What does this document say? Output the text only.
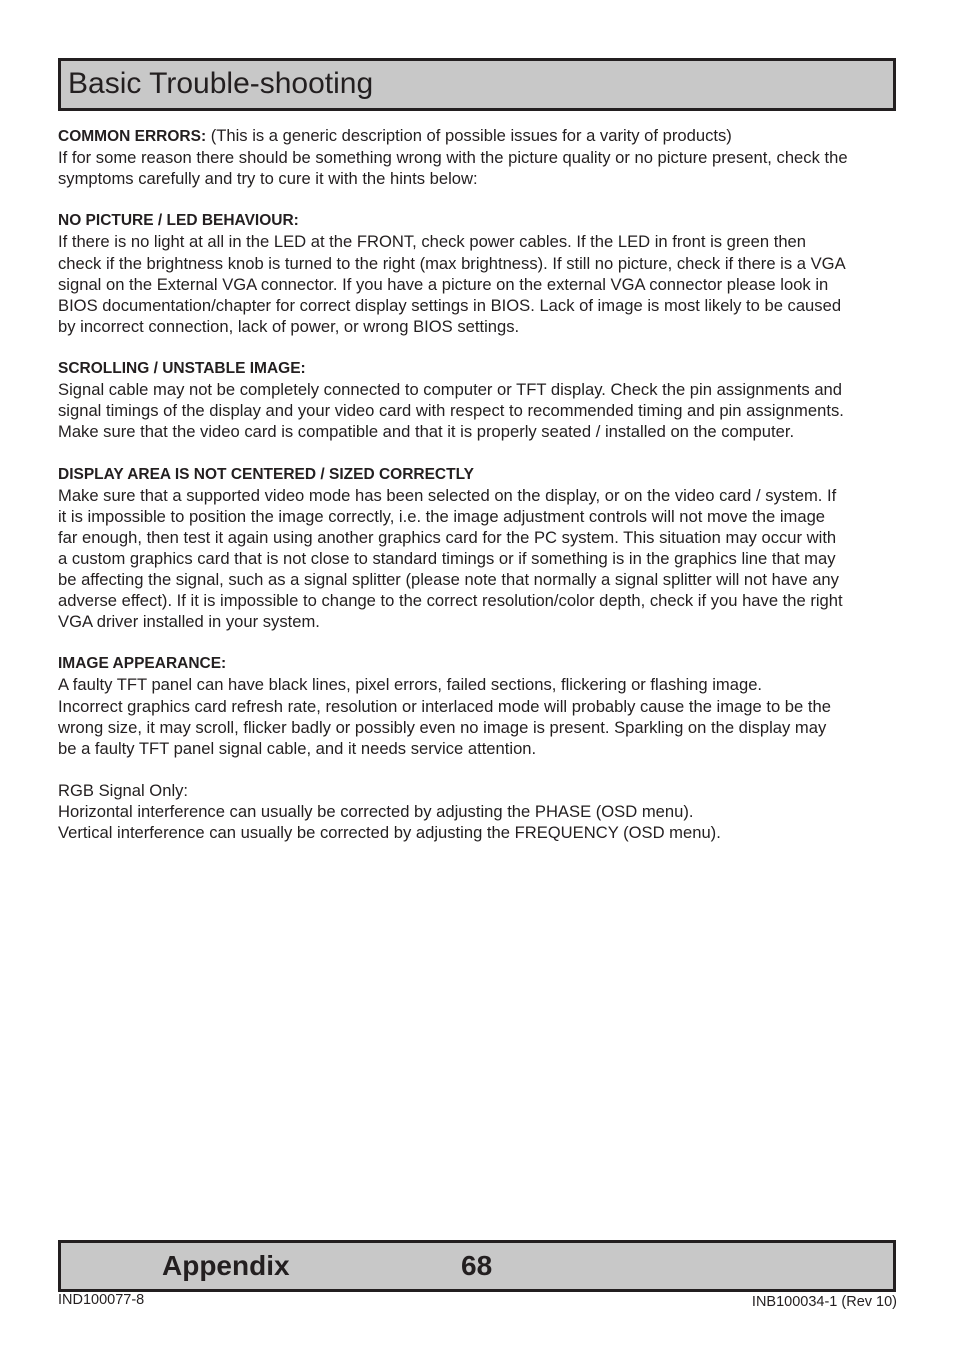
Basic Trouble-shooting
COMMON ERRORS: (This is a generic description of possible issues for a varity of products)
If for some reason there should be something wrong with the picture quality or no picture present, check the
symptoms carefully and try to cure it with the hints below:
NO PICTURE / LED BEHAVIOUR:
If there is no light at all in the LED at the FRONT, check power cables. If the LED in front is green then
check if the brightness knob is turned to the right (max brightness). If still no picture, check if there is a VGA
signal on the External VGA connector. If you have a picture on the external VGA connector please look in
BIOS documentation/chapter for correct display settings in BIOS. Lack of image is most likely to be caused
by incorrect connection, lack of power, or wrong BIOS settings.
SCROLLING / UNSTABLE IMAGE:
Signal cable may not be completely connected to computer or TFT display. Check the pin assignments and
signal timings of the display and your video card with respect to recommended timing and pin assignments.
Make sure that the video card is compatible and that it is properly seated / installed on the computer.
DISPLAY AREA IS NOT CENTERED / SIZED CORRECTLY
Make sure that a supported video mode has been selected on the display, or on the video card / system. If
it is impossible to position the image correctly, i.e. the image adjustment controls will not move the image
far enough, then test it again using another graphics card for the PC system. This situation may occur with
a custom graphics card that is not close to standard timings or if something is in the graphics line that may
be affecting the signal, such as a signal splitter (please note that normally a signal splitter will not have any
adverse effect). If it is impossible to change to the correct resolution/color depth, check if you have the right
VGA driver installed in your system.
IMAGE APPEARANCE:
A faulty TFT panel can have black lines, pixel errors, failed sections, flickering or flashing image.
Incorrect graphics card refresh rate, resolution or interlaced mode will probably cause the image to be the
wrong size, it may scroll, flicker badly or possibly even no image is present. Sparkling on the display may
be a faulty TFT panel signal cable, and it needs service attention.
RGB Signal Only:
Horizontal interference can usually be corrected by adjusting the PHASE (OSD menu).
Vertical interference can usually be corrected by adjusting the FREQUENCY (OSD menu).
Appendix	68
IND100077-8	INB100034-1 (Rev 10)
